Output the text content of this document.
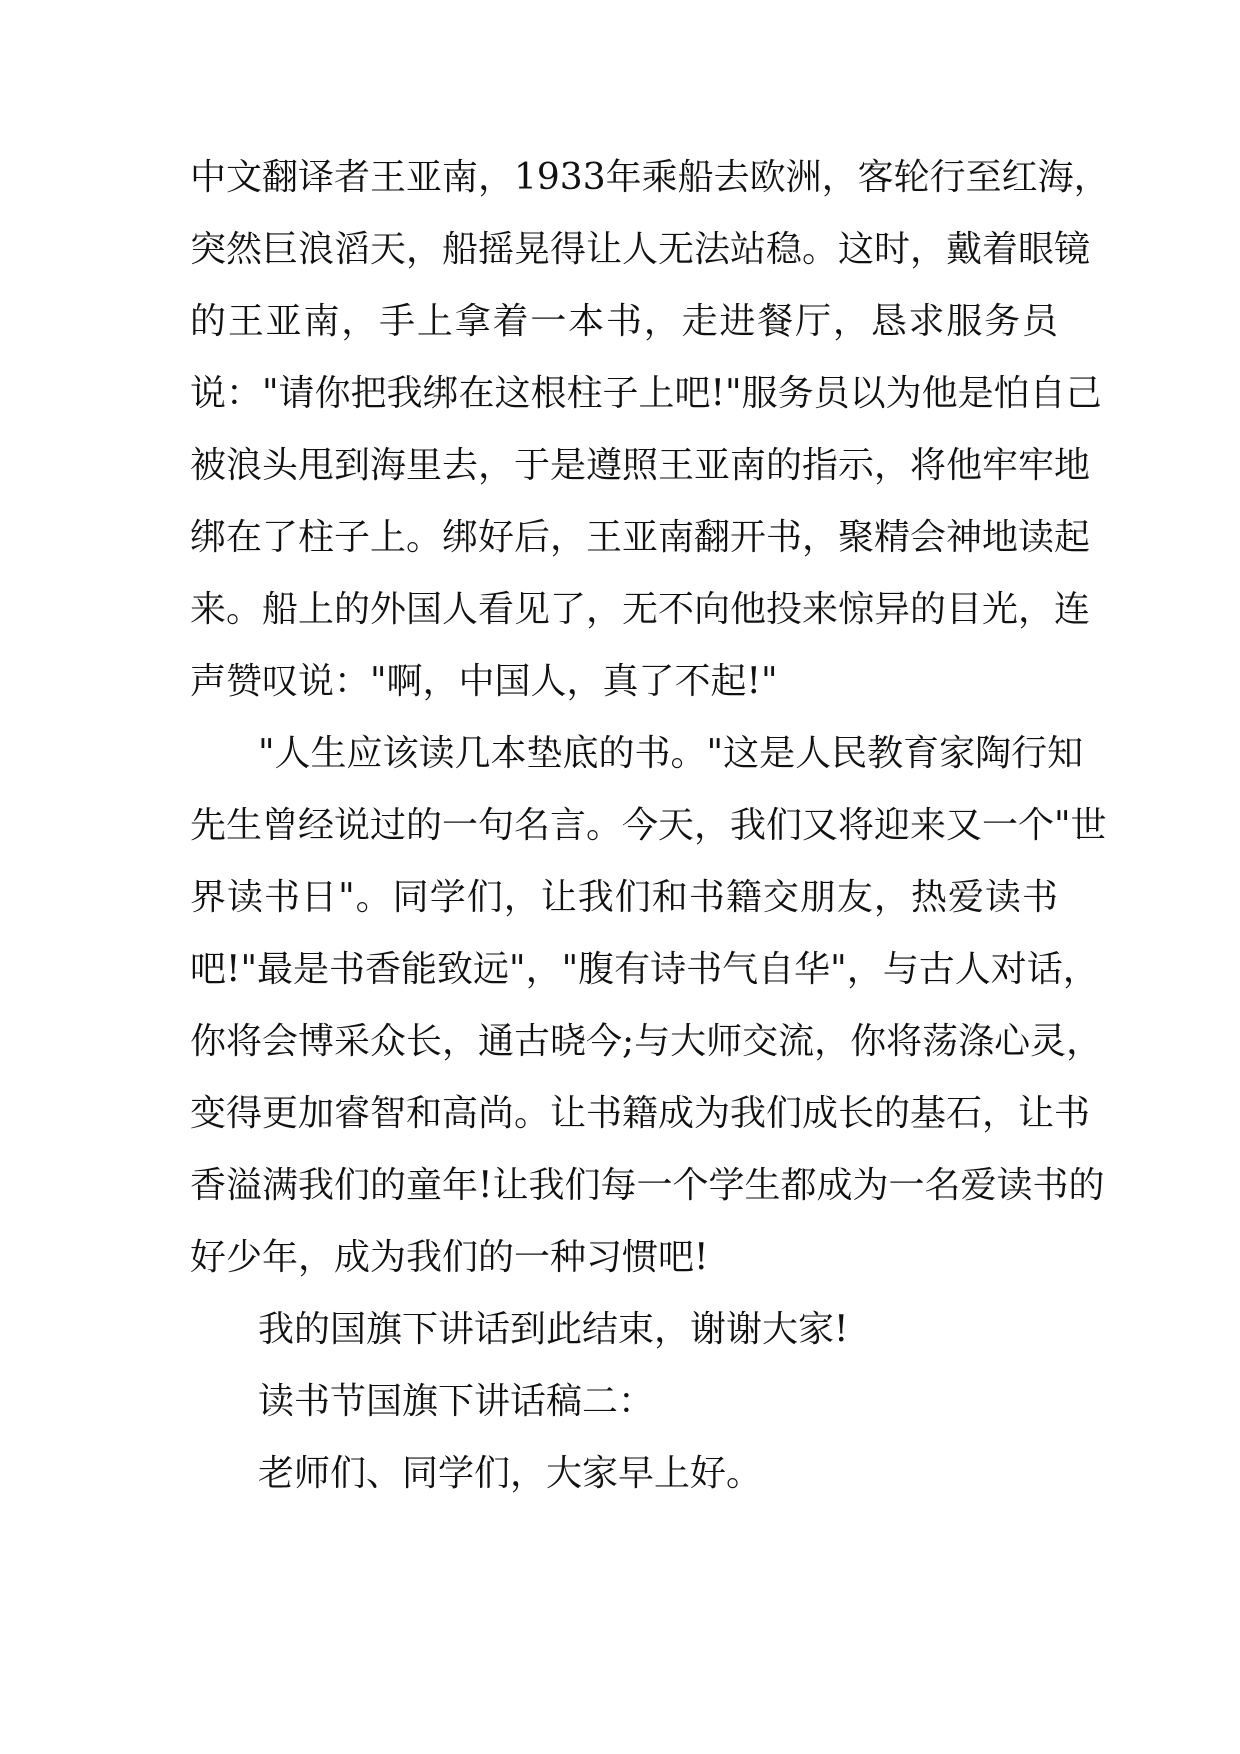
中文翻译者王亚南，1933年乘船去欧洲，客轮行至红海，
突然巨浪滔天，船摇晃得让人无法站稳。这时，戴着眼镜
的王亚南，手上拿着一本书，走进餐厅，恳求服务员
说："请你把我绑在这根柱子上吧!"服务员以为他是怕自己
被浪头甩到海里去，于是遵照王亚南的指示，将他牢牢地
绑在了柱子上。绑好后，王亚南翻开书，聚精会神地读起
来。船上的外国人看见了，无不向他投来惊异的目光，连
声赞叹说："啊，中国人，真了不起!"
"人生应该读几本垫底的书。"这是人民教育家陶行知
先生曾经说过的一句名言。今天，我们又将迎来又一个"世
界读书日"。同学们，让我们和书籍交朋友，热爱读书
吧!"最是书香能致远"，"腹有诗书气自华"，与古人对话，
你将会博采众长，通古晓今;与大师交流，你将荡涤心灵，
变得更加睿智和高尚。让书籍成为我们成长的基石，让书
香溢满我们的童年!让我们每一个学生都成为一名爱读书的
好少年，成为我们的一种习惯吧!
我的国旗下讲话到此结束，谢谢大家!
读书节国旗下讲话稿二：
老师们、同学们，大家早上好。
